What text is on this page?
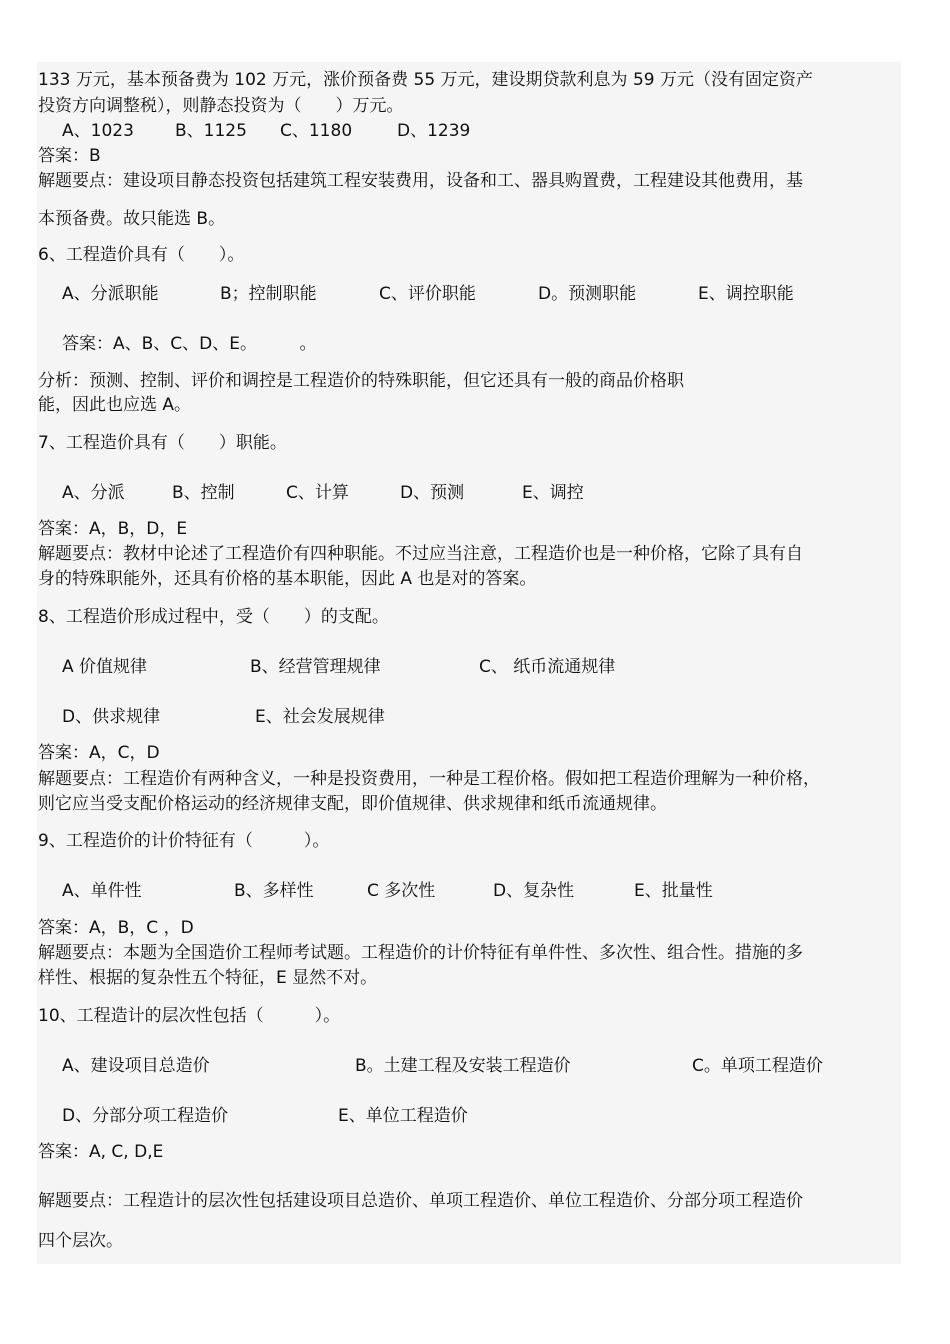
133 万元，基本预备费为 102 万元，涨价预备费 55 万元，建设期贷款利息为 59 万元（没有固定资产
投资方向调整税），则静态投资为（　　）万元。
A、1023 B、1125 C、1180	D、1239
答案：B
解题要点：建设项目静态投资包括建筑工程安装费用，设备和工、器具购置费，工程建设其他费用，基
本预备费。故只能选 B。
6、工程造价具有（　　）。
A、分派职能	B；控制职能	C、评价职能	D。预测职能	E、调控职能
答案：A、B、C、D、E。　　　。
分析：预测、控制、评价和调控是工程造价的特殊职能，但它还具有一般的商品价格职
能，因此也应选 A。
7、工程造价具有（　　）职能。
A、分派	B、控制	C、计算	D、预测	E、调控
答案：A，B，D，E
解题要点：教材中论述了工程造价有四种职能。不过应当注意，工程造价也是一种价格，它除了具有自
身的特殊职能外，还具有价格的基本职能，因此 A 也是对的答案。
8、工程造价形成过程中，受（　　）的支配。
A 价值规律	B、经营管理规律	C、 纸币流通规律
D、供求规律	E、社会发展规律
答案：A，C，D
解题要点：工程造价有两种含义，一种是投资费用，一种是工程价格。假如把工程造价理解为一种价格，
则它应当受支配价格运动的经济规律支配，即价值规律、供求规律和纸币流通规律。
9、工程造价的计价特征有（　　　）。
A、单件性	B、多样性	C 多次性	D、复杂性	E、批量性
答案：A，B，C ，D
解题要点：本题为全国造价工程师考试题。工程造价的计价特征有单件性、多次性、组合性。措施的多
样性、根据的复杂性五个特征，E 显然不对。
10、工程造计的层次性包括（　　　）。
A、建设项目总造价	B。土建工程及安装工程造价	C。单项工程造价
D、分部分项工程造价	E、单位工程造价
答案：A, C, D,E
解题要点：工程造计的层次性包括建设项目总造价、单项工程造价、单位工程造价、分部分项工程造价
四个层次。
